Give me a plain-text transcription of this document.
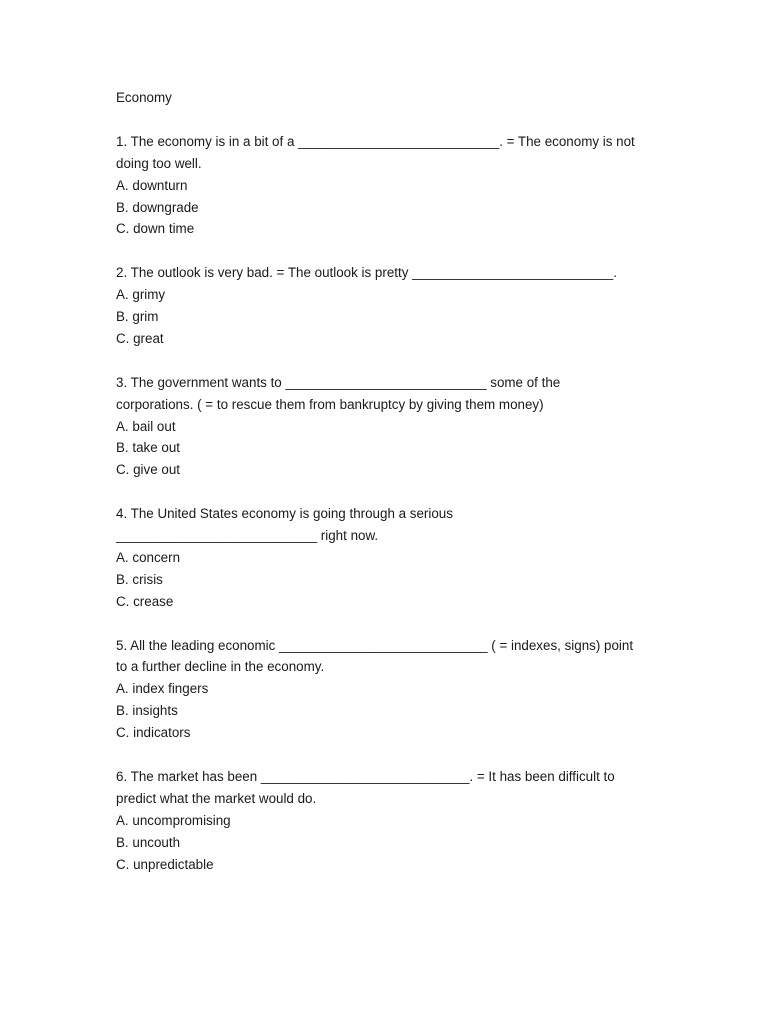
Economy
1. The economy is in a bit of a ___________________________. = The economy is not
doing too well.
A. downturn
B. downgrade
C. down time
2. The outlook is very bad. = The outlook is pretty ___________________________.
A. grimy
B. grim
C. great
3. The government wants to ___________________________ some of the
corporations. ( = to rescue them from bankruptcy by giving them money)
A. bail out
B. take out
C. give out
4. The United States economy is going through a serious
___________________________ right now.
A. concern
B. crisis
C. crease
5. All the leading economic ____________________________ ( = indexes, signs) point
to a further decline in the economy.
A. index fingers
B. insights
C. indicators
6. The market has been ____________________________. = It has been difficult to
predict what the market would do.
A. uncompromising
B. uncouth
C. unpredictable
